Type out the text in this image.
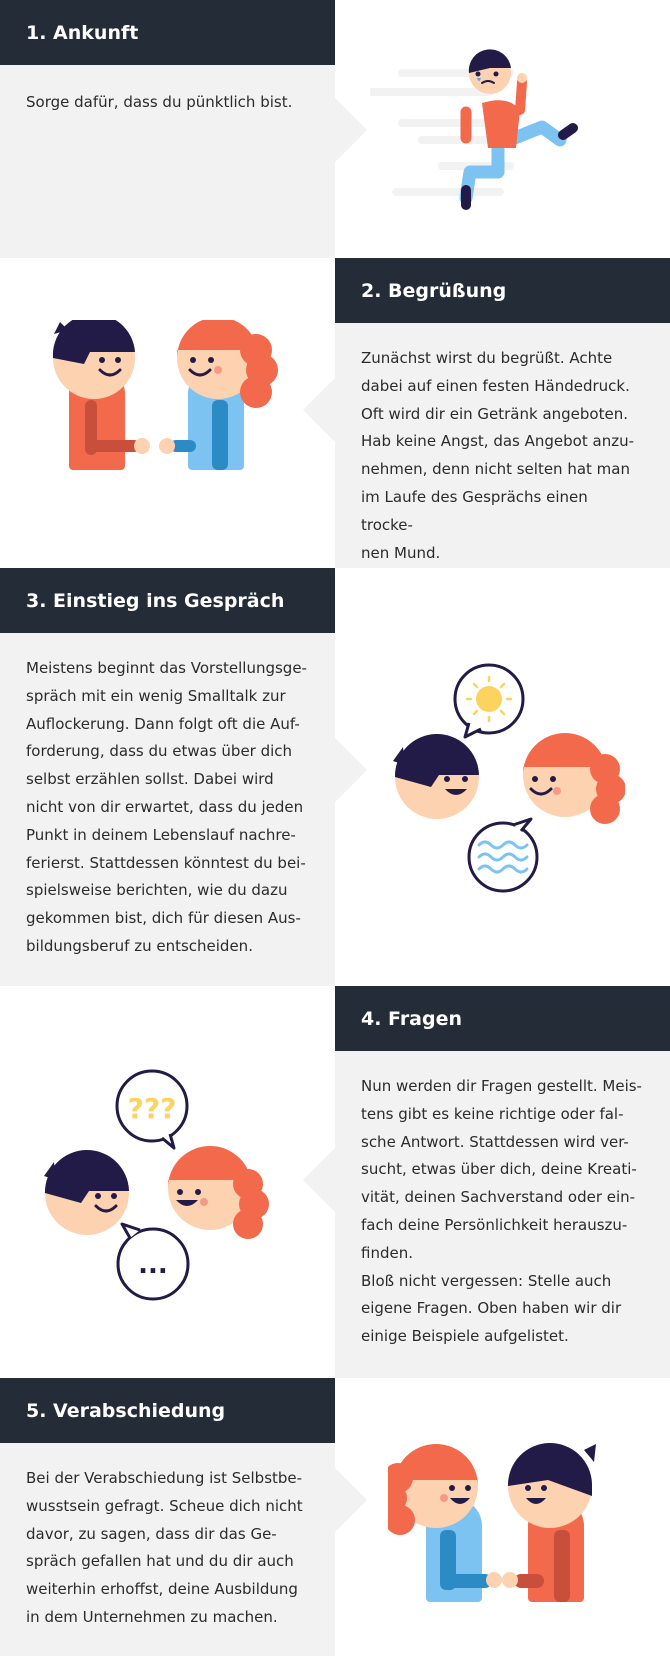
Sorge dafür, dass du pünktlich bist.

1. Ankunft

Zunächst wirst du begrüßt. Achte
dabei auf einen festen Händedruck.
Oft wird dir ein Getränk angeboten.
Hab keine Angst, das Angebot anzu-
nehmen, denn nicht selten hat man
im Laufe des Gesprächs einen trocke-
nen Mund.

2. Begrüßung

Meistens beginnt das Vorstellungsge-
spräch mit ein wenig Smalltalk zur
Auflockerung. Dann folgt oft die Auf-
forderung, dass du etwas über dich
selbst erzählen sollst. Dabei wird
nicht von dir erwartet, dass du jeden
Punkt in deinem Lebenslauf nachre-
ferierst. Stattdessen könntest du bei-
spielsweise berichten, wie du dazu
gekommen bist, dich für diesen Aus-
bildungsberuf zu entscheiden.

3. Einstieg ins Gespräch

Nun werden dir Fragen gestellt. Meis-
tens gibt es keine richtige oder fal-
sche Antwort. Stattdessen wird ver-
sucht, etwas über dich, deine Kreati-
vität, deinen Sachverstand oder ein-
fach deine Persönlichkeit herauszu-
finden.
Bloß nicht vergessen: Stelle auch
eigene Fragen. Oben haben wir dir
einige Beispiele aufgelistet.

4. Fragen
???
...

Bei der Verabschiedung ist Selbstbe-
wusstsein gefragt. Scheue dich nicht
davor, zu sagen, dass dir das Ge-
spräch gefallen hat und du dir auch
weiterhin erhoffst, deine Ausbildung
in dem Unternehmen zu machen.

5. Verabschiedung
